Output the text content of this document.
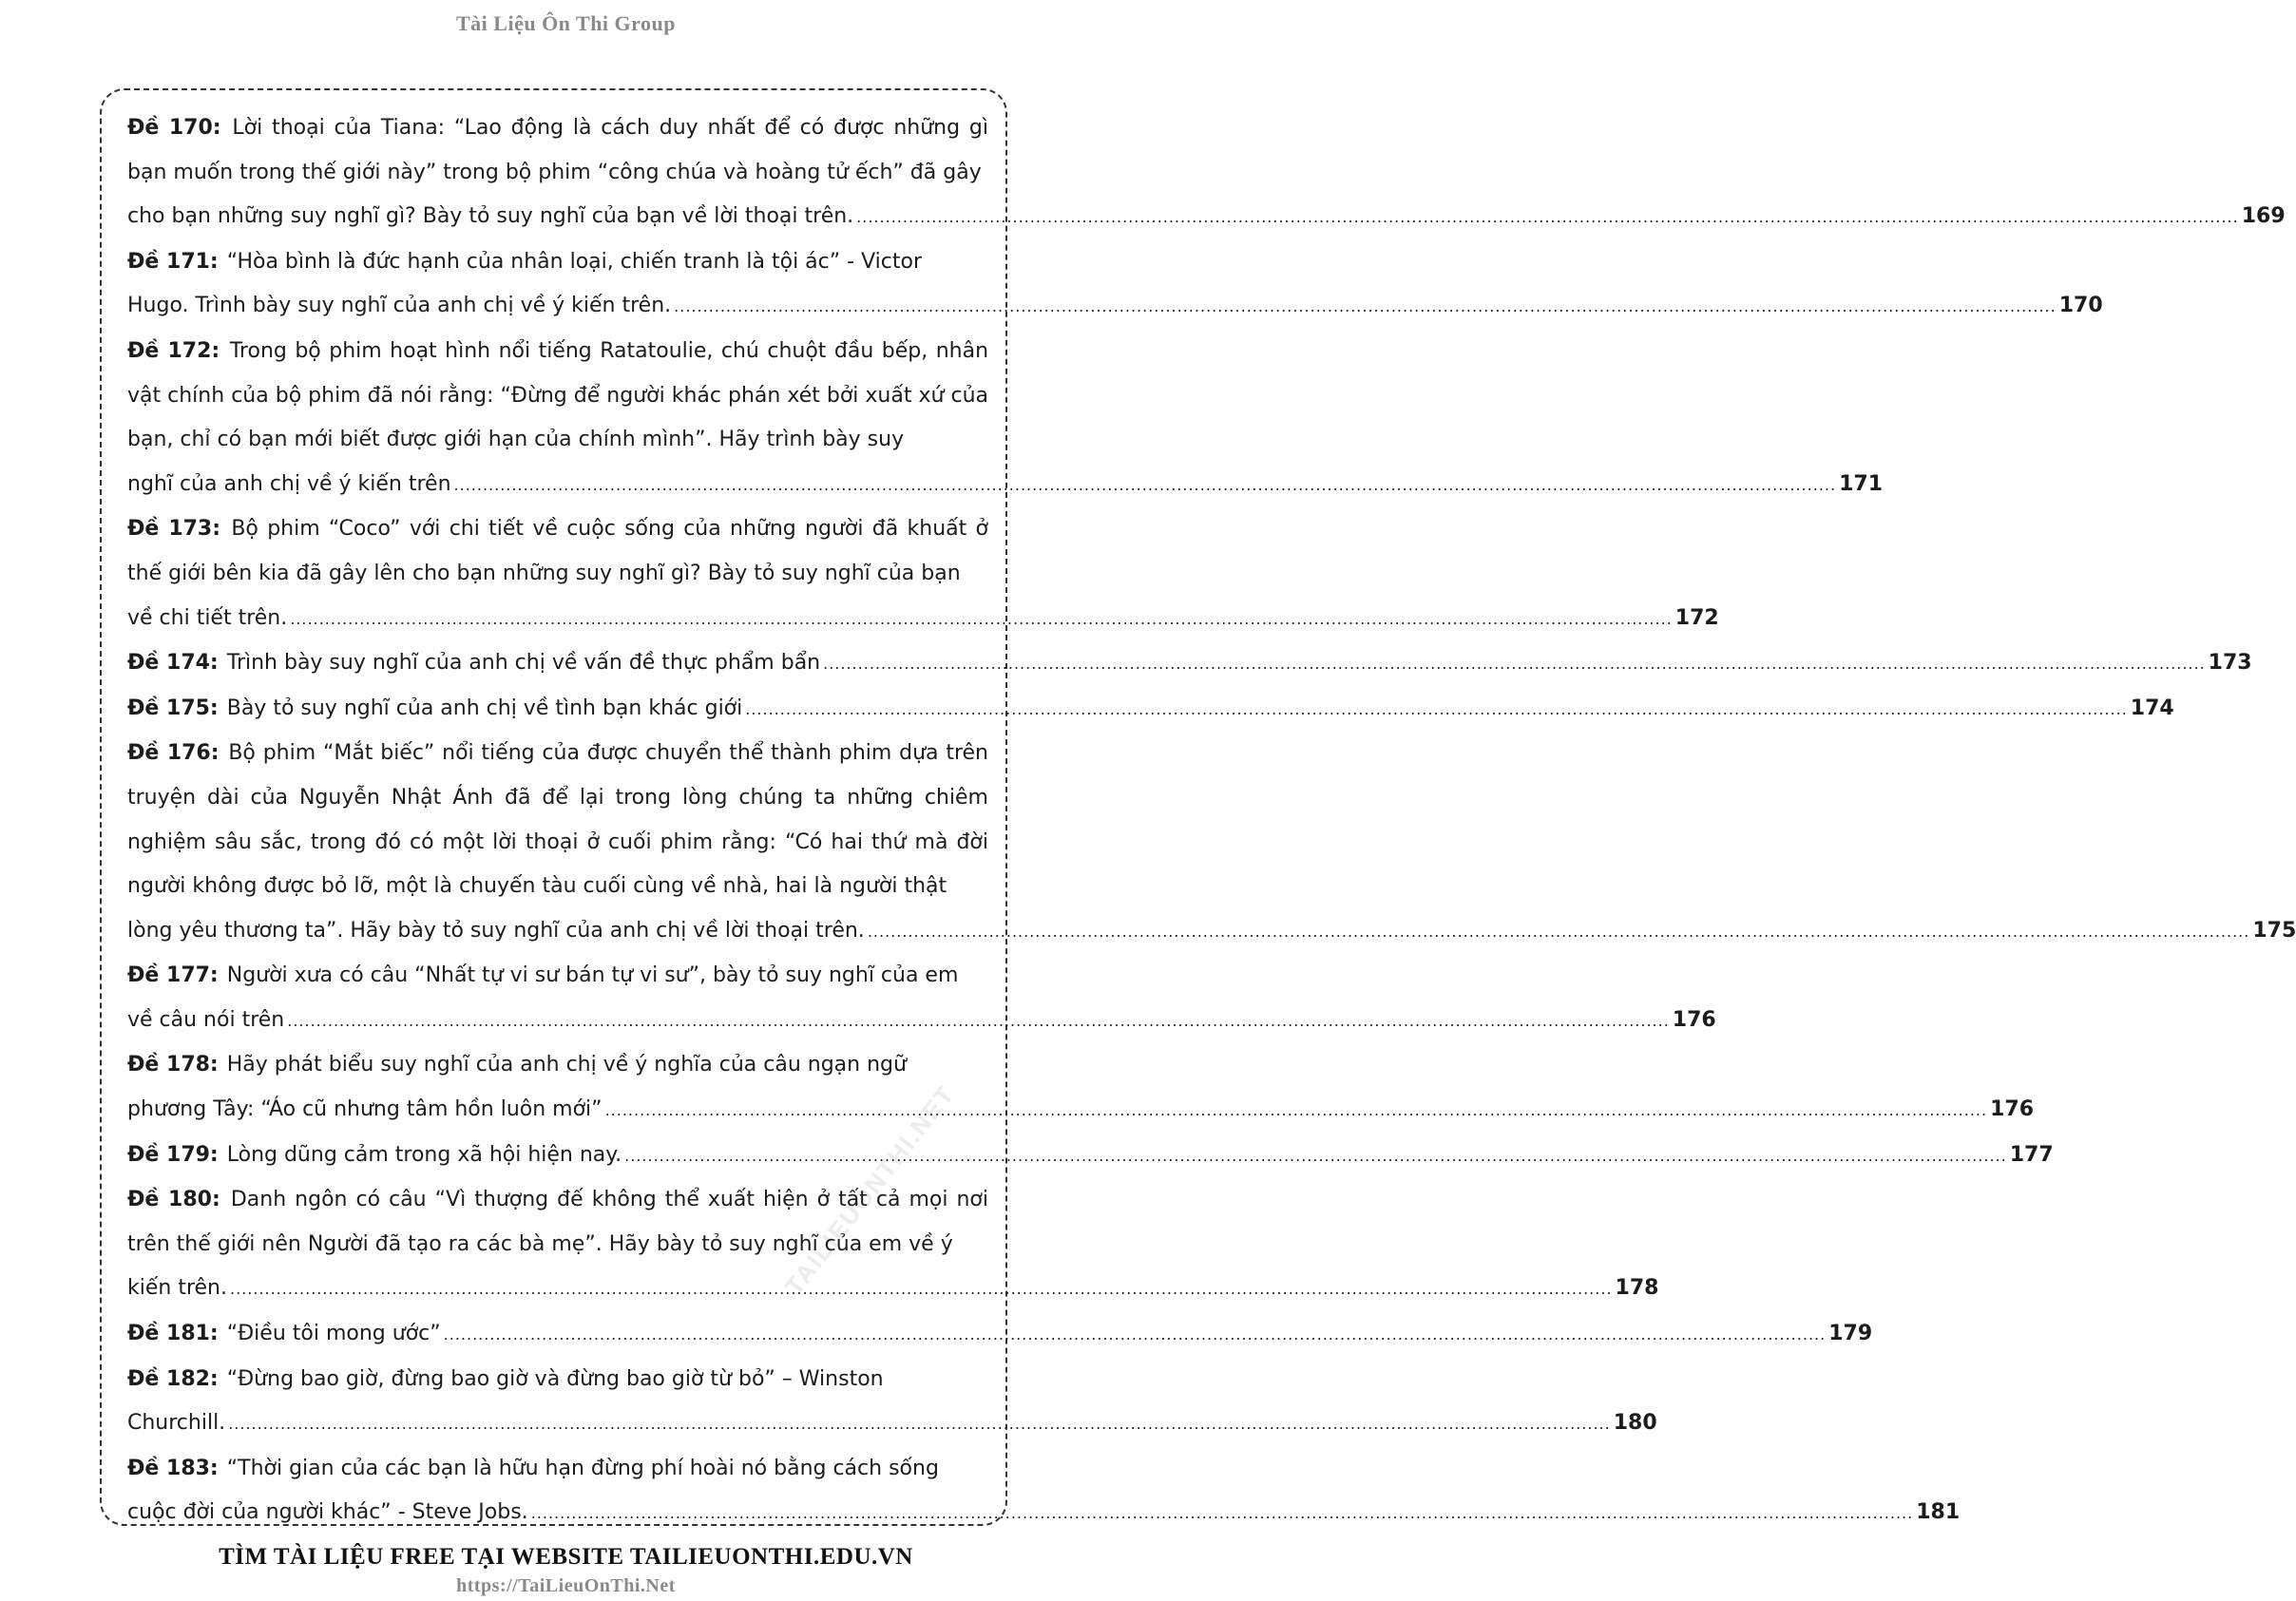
Tài Liệu Ôn Thi Group
TAILIEUONTHI.NET
Đề 170: Lời thoại của Tiana: “Lao động là cách duy nhất để có được những gì bạn muốn trong thế giới này” trong bộ phim “công chúa và hoàng tử ếch” đã gây
cho bạn những suy nghĩ gì? Bày tỏ suy nghĩ của bạn về lời thoại trên. .....	169
Đề 171: “Hòa bình là đức hạnh của nhân loại, chiến tranh là tội ác” - Victor
Hugo. Trình bày suy nghĩ của anh chị về ý kiến trên. .....	170
Đề 172: Trong bộ phim hoạt hình nổi tiếng Ratatoulie, chú chuột đầu bếp, nhân vật chính của bộ phim đã nói rằng: “Đừng để người khác phán xét bởi xuất xứ của bạn, chỉ có bạn mới biết được giới hạn của chính mình”. Hãy trình bày suy
nghĩ của anh chị về ý kiến trên .....	171
Đề 173: Bộ phim “Coco” với chi tiết về cuộc sống của những người đã khuất ở thế giới bên kia đã gây lên cho bạn những suy nghĩ gì? Bày tỏ suy nghĩ của bạn
về chi tiết trên. .....	172
Đề 174: Trình bày suy nghĩ của anh chị về vấn đề thực phẩm bẩn .....	173
Đề 175: Bày tỏ suy nghĩ của anh chị về tình bạn khác giới .....	174
Đề 176: Bộ phim “Mắt biếc” nổi tiếng của được chuyển thể thành phim dựa trên truyện dài của Nguyễn Nhật Ánh đã để lại trong lòng chúng ta những chiêm nghiệm sâu sắc, trong đó có một lời thoại ở cuối phim rằng: “Có hai thứ mà đời người không được bỏ lỡ, một là chuyến tàu cuối cùng về nhà, hai là người thật
lòng yêu thương ta”. Hãy bày tỏ suy nghĩ của anh chị về lời thoại trên. .....	175
Đề 177: Người xưa có câu “Nhất tự vi sư bán tự vi sư”, bày tỏ suy nghĩ của em
về câu nói trên .....	176
Đề 178: Hãy phát biểu suy nghĩ của anh chị về ý nghĩa của câu ngạn ngữ
phương Tây: “Áo cũ nhưng tâm hồn luôn mới” .....	176
Đề 179: Lòng dũng cảm trong xã hội hiện nay. .....	177
Đề 180: Danh ngôn có câu “Vì thượng đế không thể xuất hiện ở tất cả mọi nơi trên thế giới nên Người đã tạo ra các bà mẹ”. Hãy bày tỏ suy nghĩ của em về ý
kiến trên. .....	178
Đề 181: “Điều tôi mong ước” .....	179
Đề 182: “Đừng bao giờ, đừng bao giờ và đừng bao giờ từ bỏ” – Winston
Churchill. .....	180
Đề 183: “Thời gian của các bạn là hữu hạn đừng phí hoài nó bằng cách sống
cuộc đời của người khác” - Steve Jobs. .....	181
TÌM TÀI LIỆU FREE TẠI WEBSITE TAILIEUONTHI.EDU.VN
https://TaiLieuOnThi.Net
